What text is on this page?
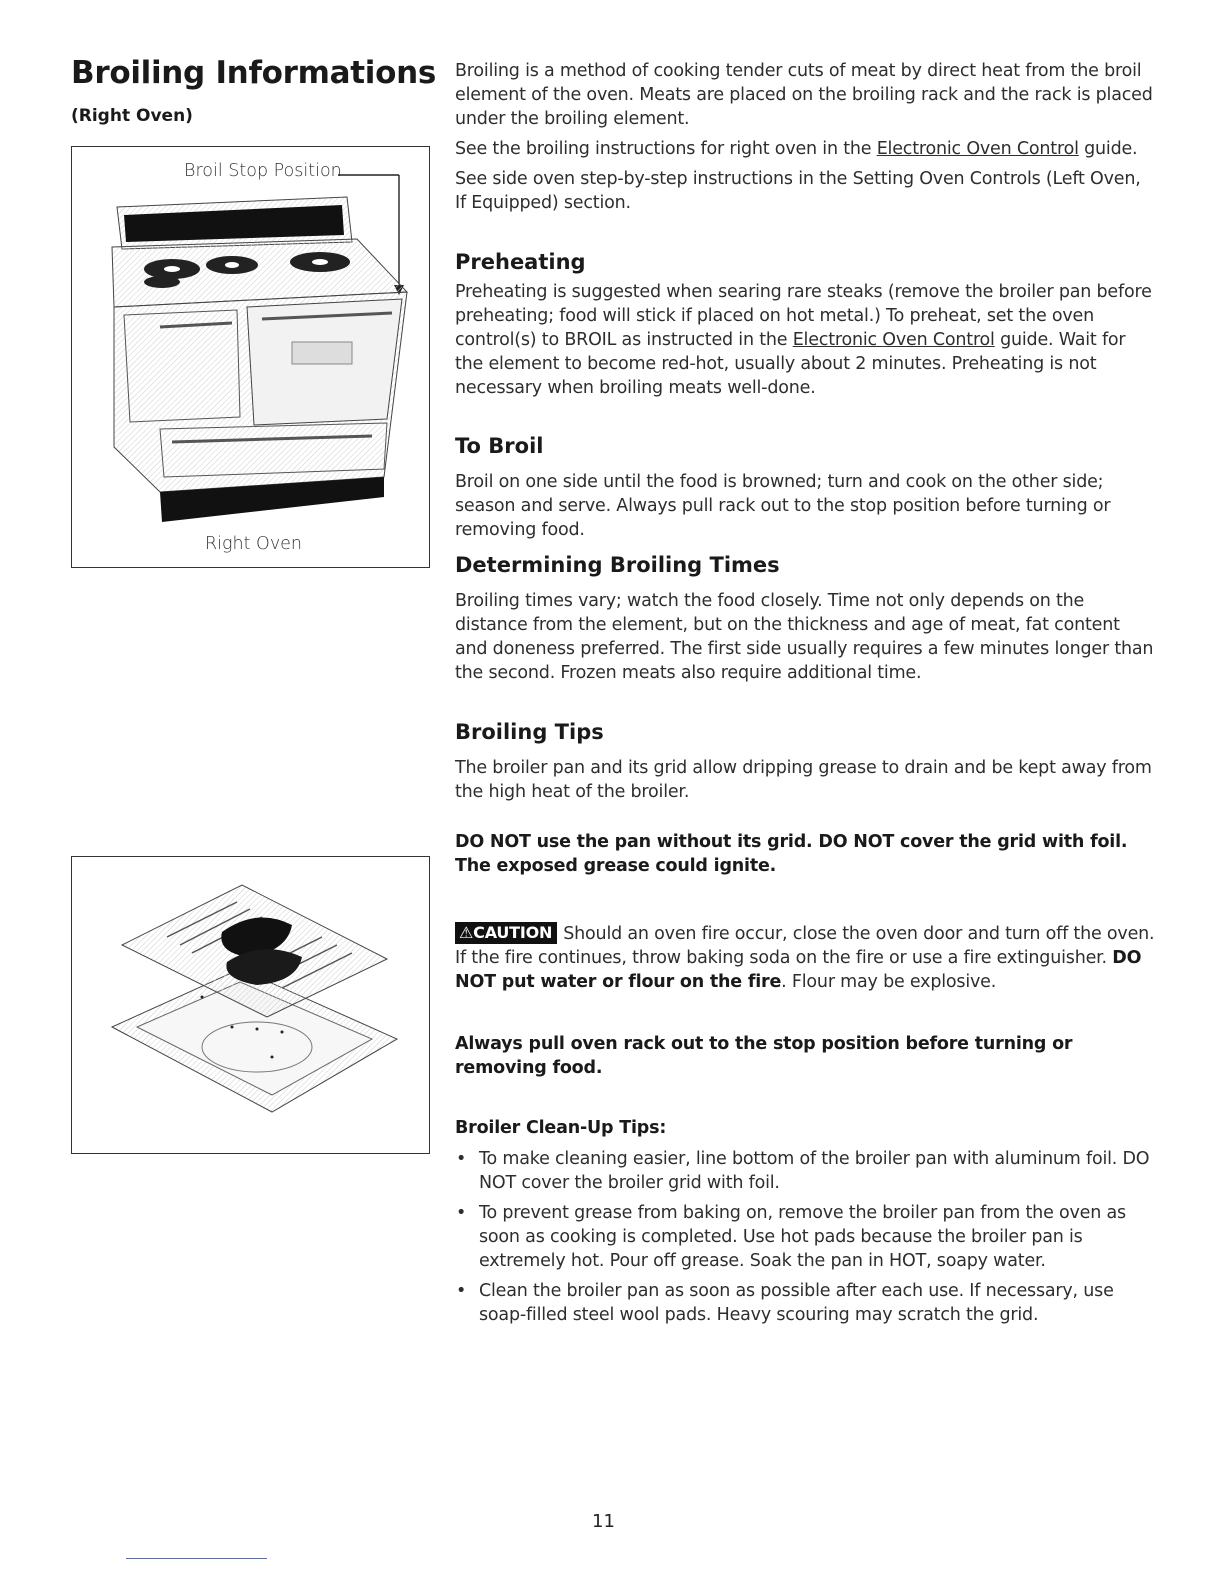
Broiling Informations
(Right Oven)
Broil Stop Position
Right Oven

Broiling is a method of cooking tender cuts of meat by direct heat from the broil element of the oven. Meats are placed on the broiling rack and the rack is placed under the broiling element.

See the broiling instructions for right oven in the Electronic Oven Control guide.

See side oven step-by-step instructions in the Setting Oven Controls (Left Oven, If Equipped) section.

Preheating

Preheating is suggested when searing rare steaks (remove the broiler pan before preheating; food will stick if placed on hot metal.) To preheat, set the oven control(s) to BROIL as instructed in the Electronic Oven Control guide. Wait for the element to become red-hot, usually about 2 minutes. Preheating is not necessary when broiling meats well-done.

To Broil
Broil on one side until the food is browned; turn and cook on the other side; season and serve. Always pull rack out to the stop position before turning or removing food.
Determining Broiling Times
Broiling times vary; watch the food closely. Time not only depends on the distance from the element, but on the thickness and age of meat, fat content and doneness preferred. The first side usually requires a few minutes longer than the second. Frozen meats also require additional time.
Broiling Tips
The broiler pan and its grid allow dripping grease to drain and be kept away from the high heat of the broiler.
DO NOT use the pan without its grid. DO NOT cover the grid with foil. The exposed grease could ignite.

⚠CAUTION Should an oven fire occur, close the oven door and turn off the oven. If the fire continues, throw baking soda on the fire or use a fire extinguisher. DO NOT put water or flour on the fire. Flour may be explosive.

Always pull oven rack out to the stop position before turning or removing food.
Broiler Clean-Up Tips:
• To make cleaning easier, line bottom of the broiler pan with aluminum foil. DO NOT cover the broiler grid with foil.
• To prevent grease from baking on, remove the broiler pan from the oven as soon as cooking is completed. Use hot pads because the broiler pan is extremely hot. Pour off grease. Soak the pan in HOT, soapy water.
• Clean the broiler pan as soon as possible after each use. If necessary, use soap-filled steel wool pads. Heavy scouring may scratch the grid.
11
